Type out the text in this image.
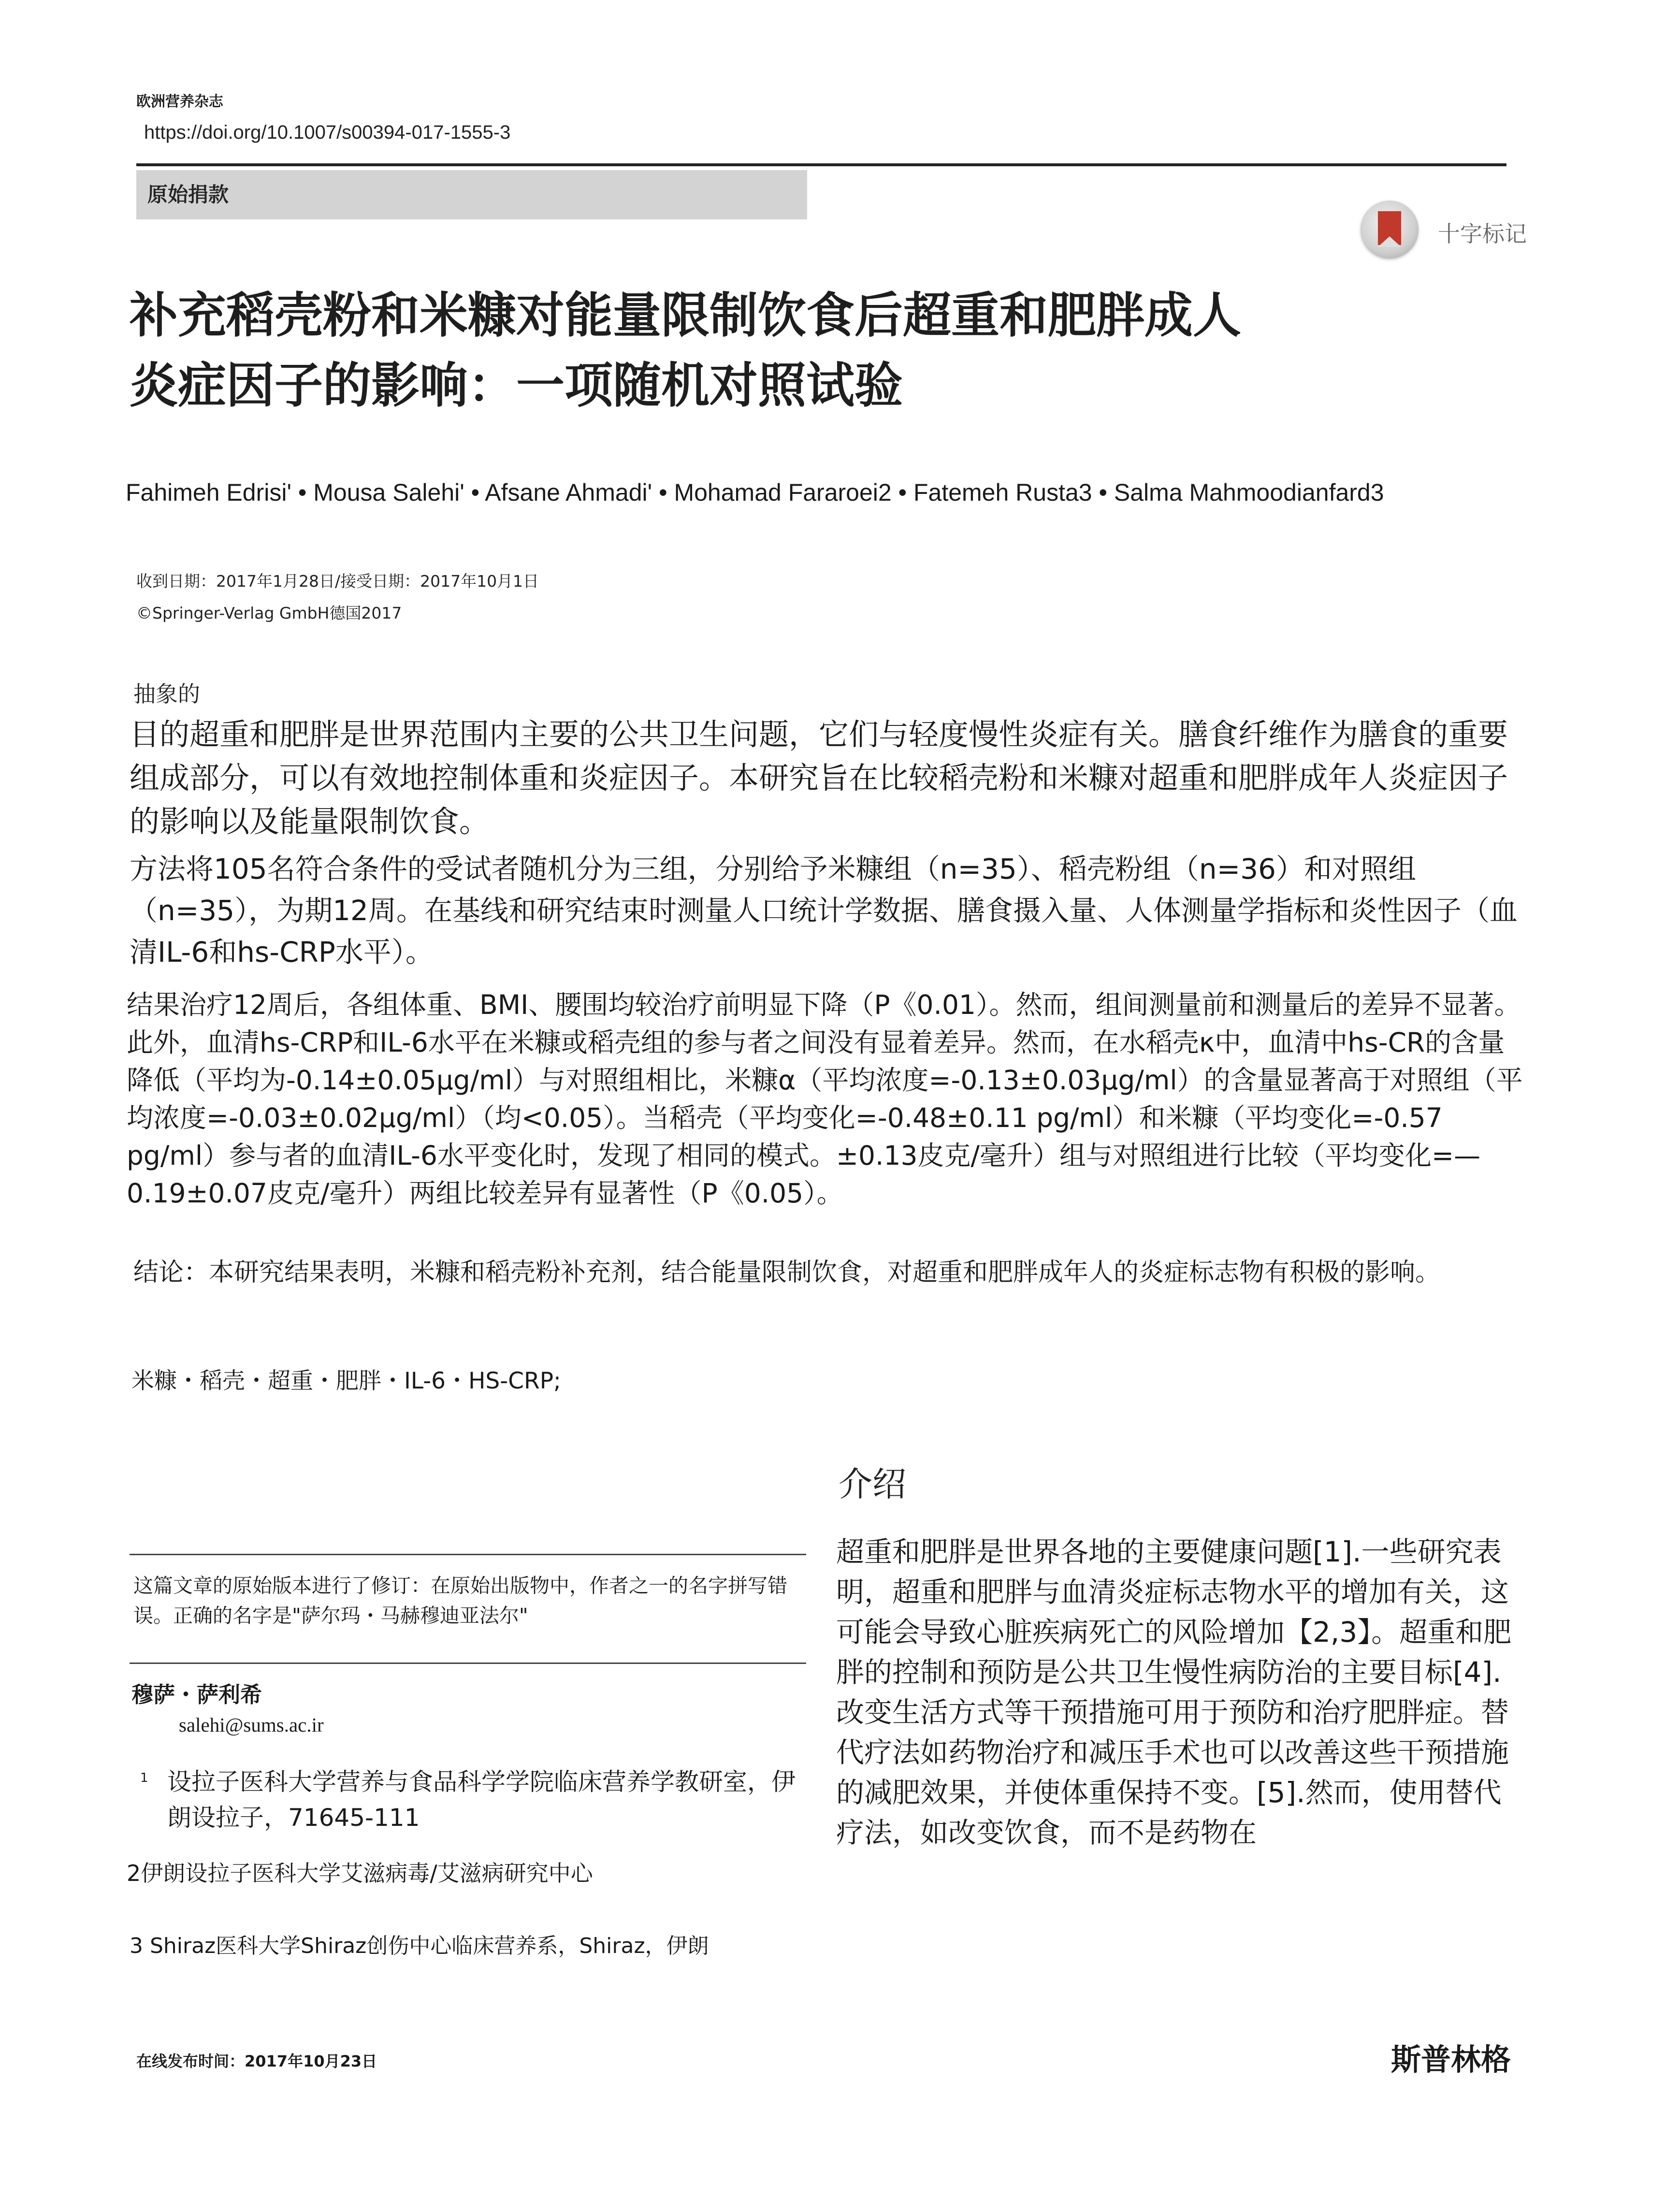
欧洲营养杂志
https://doi.org/10.1007/s00394-017-1555-3
原始捐款
十字标记
补充稻壳粉和米糠对能量限制饮食后超重和肥胖成人
炎症因子的影响：一项随机对照试验
Fahimeh Edrisi' • Mousa Salehi' • Afsane Ahmadi' • Mohamad Fararoei2 • Fatemeh Rusta3 • Salma Mahmoodianfard3
收到日期：2017年1月28日/接受日期：2017年10月1日
©Springer-Verlag GmbH德国2017
抽象的
目的超重和肥胖是世界范围内主要的公共卫生问题，它们与轻度慢性炎症有关。膳食纤维作为膳食的重要组成部分，可以有效地控制体重和炎症因子。本研究旨在比较稻壳粉和米糠对超重和肥胖成年人炎症因子的影响以及能量限制饮食。
方法将105名符合条件的受试者随机分为三组，分别给予米糠组（n=35）、稻壳粉组（n=36）和对照组（n=35），为期12周。在基线和研究结束时测量人口统计学数据、膳食摄入量、人体测量学指标和炎性因子（血清IL-6和hs-CRP水平）。
结果治疗12周后，各组体重、BMI、腰围均较治疗前明显下降（P《0.01）。然而，组间测量前和测量后的差异不显著。此外，血清hs-CRP和IL-6水平在米糠或稻壳组的参与者之间没有显着差异。然而，在水稻壳κ中，血清中hs-CR的含量降低（平均为-0.14±0.05μg/ml）与对照组相比，米糠α（平均浓度=-0.13±0.03μg/ml）的含量显著高于对照组（平均浓度=-0.03±0.02μg/ml）（均<0.05）。当稻壳（平均变化=-0.48±0.11 pg/ml）和米糠（平均变化=-0.57 pg/ml）参与者的血清IL-6水平变化时，发现了相同的模式。±0.13皮克/毫升）组与对照组进行比较（平均变化=—0.19±0.07皮克/毫升）两组比较差异有显著性（P《0.05）。
结论：本研究结果表明，米糠和稻壳粉补充剂，结合能量限制饮食，对超重和肥胖成年人的炎症标志物有积极的影响。
米糠・稻壳・超重・肥胖・IL-6・HS-CRP;
介绍
超重和肥胖是世界各地的主要健康问题[1].一些研究表明，超重和肥胖与血清炎症标志物水平的增加有关，这可能会导致心脏疾病死亡的风险增加【2,3】。超重和肥胖的控制和预防是公共卫生慢性病防治的主要目标[4].改变生活方式等干预措施可用于预防和治疗肥胖症。替代疗法如药物治疗和减压手术也可以改善这些干预措施的减肥效果，并使体重保持不变。[5].然而，使用替代疗法，如改变饮食，而不是药物在
这篇文章的原始版本进行了修订：在原始出版物中，作者之一的名字拼写错误。正确的名字是"萨尔玛・马赫穆迪亚法尔"
穆萨・萨利希
salehi@sums.ac.ir
1 设拉子医科大学营养与食品科学学院临床营养学教研室，伊朗设拉子，71645-111
2伊朗设拉子医科大学艾滋病毒/艾滋病研究中心
3 Shiraz医科大学Shiraz创伤中心临床营养系，Shiraz，伊朗
在线发布时间：2017年10月23日	斯普林格
